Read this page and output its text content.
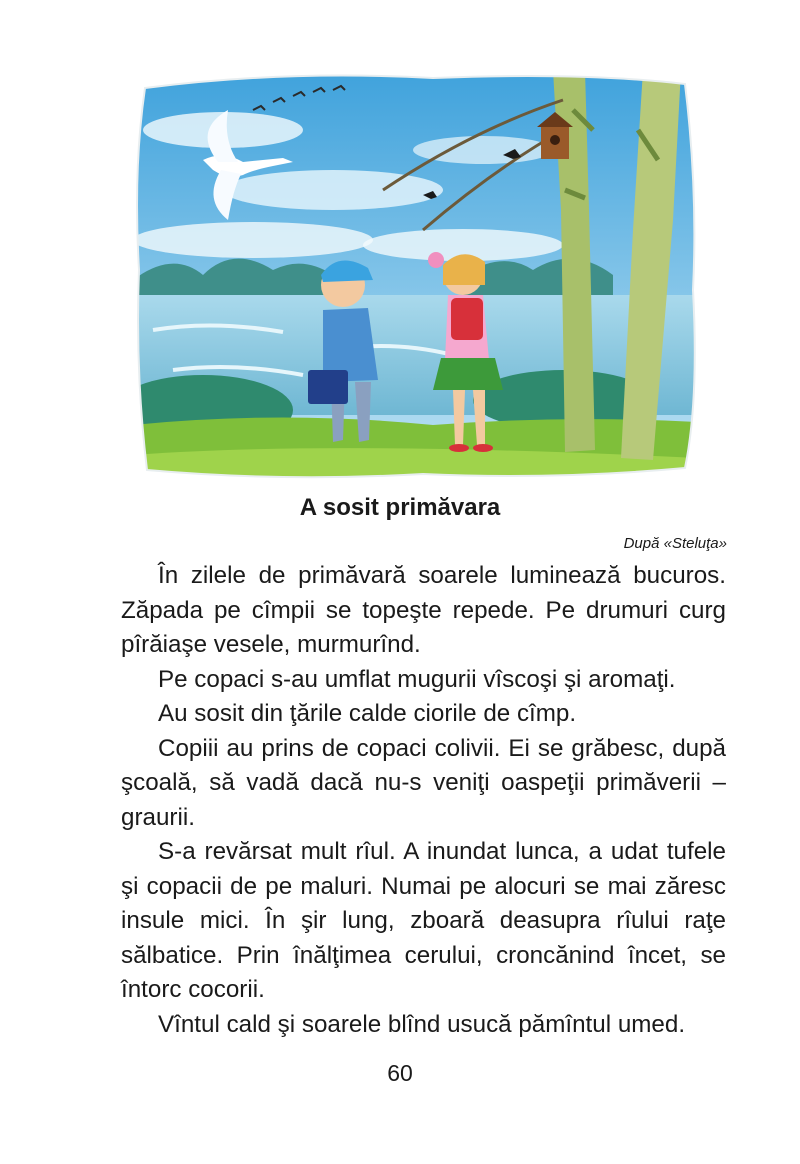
A sosit primăvara
După «Steluţa»

În zilele de primăvară soarele luminează bucuros. Zăpada pe cîmpii se topeşte repede. Pe drumuri curg pîrăiaşe vesele, murmurînd.

Pe copaci s-au umflat mugurii vîscoşi şi aromaţi.

Au sosit din ţările calde ciorile de cîmp.

Copiii au prins de copaci colivii. Ei se grăbesc, după şcoală, să vadă dacă nu-s veniţi oaspeţii primăverii – graurii.

S-a revărsat mult rîul. A inundat lunca, a udat tufele şi copacii de pe maluri. Numai pe alocuri se mai zăresc insule mici. În şir lung, zboară deasupra rîului raţe sălbatice. Prin înălţimea cerului, croncănind încet, se întorc cocorii.

Vîntul cald şi soarele blînd usucă pămîntul umed.

60
